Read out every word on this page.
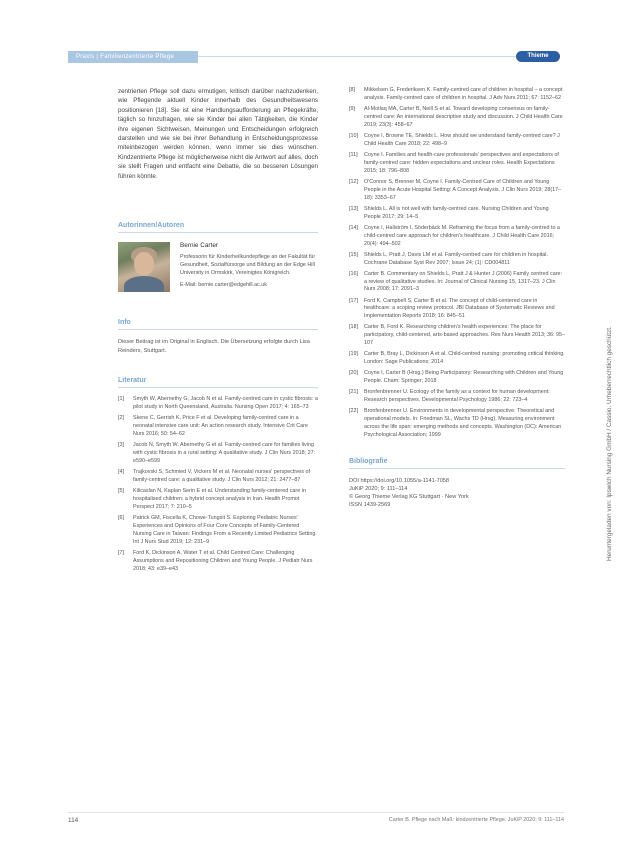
Praxis | Familienzentrierte Pflege	Thieme

zentrierten Pflege soll dazu ermutigen, kritisch darüber nachzudenken, wie Pflegende aktuell Kinder innerhalb des Gesundheitswesens positionieren [18]. Sie ist eine Handlungsaufforderung an Pflegekräfte, täglich so hinzufragen, wie sie Kinder bei allen Tätigkeiten, die Kinder ihre eigenen Sichtweisen, Meinungen und Entscheidungen erfolgreich darstellen und wie sie bei ihrer Behandlung in Entscheidungsprozesse miteinbezogen werden können, wenn immer sie dies wünschen. Kindzentrierte Pflege ist möglicherweise nicht die Antwort auf alles, doch sie stellt Fragen und entfacht eine Debatte, die so besseren Lösungen führen könnte.

Autorinnen/Autoren

Bernie Carter

Professorin für Kinderheilkundepflege an der Fakultät für Gesundheit, Sozialfürsorge und Bildung an der Edge Hill University in Ormskirk, Vereinigtes Königreich.

E-Mail: bernie.carter@edgehill.ac.uk

Info

Dieser Beitrag ist im Original in Englisch. Die Übersetzung erfolgte durch Lisa Reinders, Stuttgart.

Literatur

[1]	Smyth W, Abernethy G, Jacob N et al. Family-centred care in cystic fibrosis: a pilot study in North Queensland, Australia. Nursing Open 2017; 4: 165–73
[2]	Skene C, Gerrish K, Price F et al. Developing family-centred care in a neonatal intensive care unit: An action research study. Intensive Crit Care Nurs 2016; 50: 54–62
[3]	Jacob N, Smyth W, Abernethy G et al. Family-centred care for families living with cystic fibrosis in a rural setting: A qualitative study. J Clin Nurs 2018; 27: e590–e599
[4]	Trajkovski S, Schmied V, Vickers M et al. Neonatal nurses' perspectives of family-centred care: a qualitative study. J Clin Nurs 2012; 21: 2477–87
[5]	Kilicaslan N, Kaplan Serin E et al. Understanding family-centered care in hospitalised children: a hybrid concept analysis in Iran. Health Promot Perspect 2017; 7: 210–5
[6]	Patrick GM, Fiscella K, Chowe-Tungsit S. Exploring Pediatric Nurses' Experiences and Opinions of Four Core Concepts of Family-Centered Nursing Care in Taiwan: Findings From a Recently Limited Pediatrics Setting. Int J Nurs Stud 2019; 12: 231–9
[7]	Ford K, Dickinson A, Water T et al. Child Centred Care: Challenging Assumptions and Repositioning Children and Young People. J Pediatr Nurs 2018; 43: e39–e43
[8]	Mikkelsen G, Frederiksen K. Family-centred care of children in hospital – a concept analysis. Family-centred care of children in hospital. J Adv Nurs 2011; 67: 1152–62
[9]	Al-Motlaq MA, Carter B, Neill S et al. Toward developing consensus on family-centred care: An international descriptive study and discussion. J Child Health Care 2019; 23(3): 458–67
[10]	Coyne I, Browne TE, Shields L. How should we understand family-centred care? J Child Health Care 2018; 22: 498–9
[11]	Coyne I. Families and health-care professionals' perspectives and expectations of family-centred care: hidden expectations and unclear roles. Health Expectations 2015; 18: 796–808
[12]	O'Connor S, Brenner M, Coyne I. Family-Centred Care of Children and Young People in the Acute Hospital Setting: A Concept Analysis. J Clin Nurs 2019; 28(17–18): 3353–67
[13]	Shields L. All is not well with family-centred care. Nursing Children and Young People 2017; 29: 14–5
[14]	Coyne I, Hallström I, Söderbäck M. Reframing the focus from a family-centred to a child-centred care approach for children's healthcare. J Child Health Care 2016; 20(4): 494–502
[15]	Shields L, Pratt J, Davis LM et al. Family-centred care for children in hospital. Cochrane Database Syst Rev 2007; Issue 24; (1): CD004811
[16]	Carter B. Commentary on Shields L, Pratt J & Hunter J (2006) Family centred care: a review of qualitative studies. In: Journal of Clinical Nursing 15, 1317–23. J Clin Nurs 2008; 17: 2091–3
[17]	Ford K, Campbell S, Carter B et al. The concept of child-centered care in healthcare: a scoping review protocol. JBI Database of Systematic Reviews and Implementation Reports 2018; 16: 845–51
[18]	Carter B, Ford K. Researching children's health experiences: The place for participatory, child-centered, arts-based approaches. Res Nurs Health 2013; 36: 95–107
[19]	Carter B, Bray L, Dickinson A et al. Child-centred nursing: promoting critical thinking. London: Sage Publications; 2014
[20]	Coyne I, Carter B (Hrsg.) Being Participatory: Researching with Children and Young People. Cham: Springer; 2018
[21]	Bronfenbrenner U. Ecology of the family as a context for human development: Research perspectives. Developmental Psychology 1986; 22: 723–4
[22]	Bronfenbrenner U. Environments in developmental perspective: Theoretical and operational models. In: Friedman SL, Wachs TD (Hrsg). Measuring environment across the life span: emerging methods and concepts. Washington (DC): American Psychological Association; 1999

Bibliografie

DOI https://doi.org/10.1055/a-1141-7058

JuKiP 2020; 9: 111–114

© Georg Thieme Verlag KG Stuttgart · New York

ISSN 1439-2569

114	Carter B. Pflege nach Maß: kindzentrierte Pflege. JuKiP 2020; 9: 111–114
Heruntergeladen von: Ipswich Nursing GmbH / Cassio. Urheberrechtlich geschützt.
